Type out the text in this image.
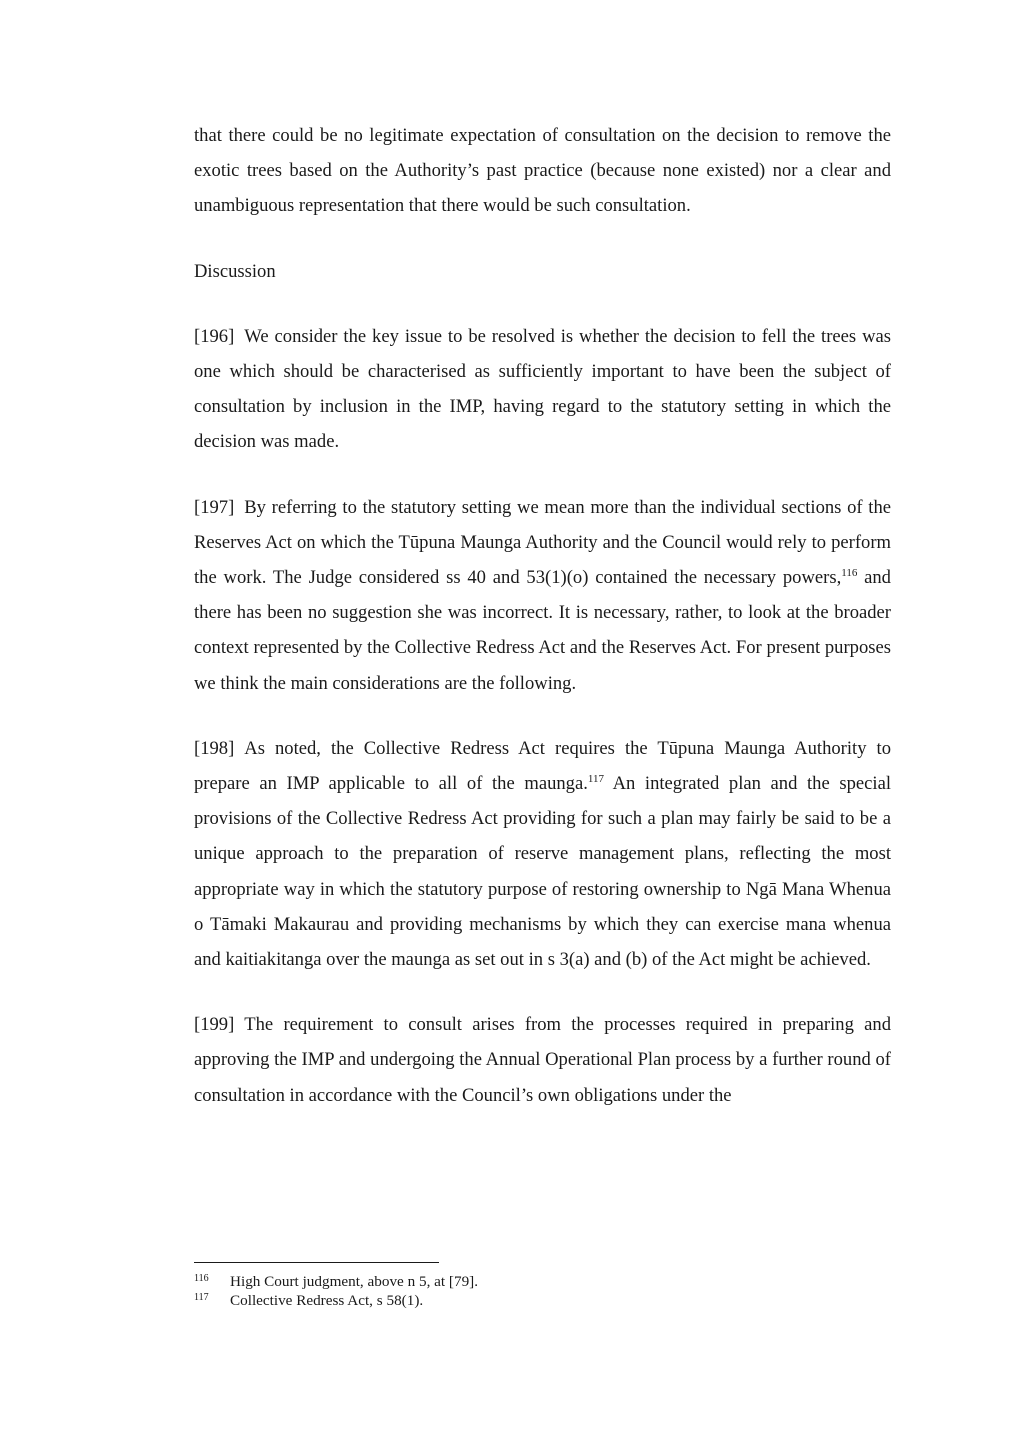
that there could be no legitimate expectation of consultation on the decision to remove the exotic trees based on the Authority’s past practice (because none existed) nor a clear and unambiguous representation that there would be such consultation.

Discussion

[196] We consider the key issue to be resolved is whether the decision to fell the trees was one which should be characterised as sufficiently important to have been the subject of consultation by inclusion in the IMP, having regard to the statutory setting in which the decision was made.

[197] By referring to the statutory setting we mean more than the individual sections of the Reserves Act on which the Tūpuna Maunga Authority and the Council would rely to perform the work. The Judge considered ss 40 and 53(1)(o) contained the necessary powers,$^{116}$ and there has been no suggestion she was incorrect. It is necessary, rather, to look at the broader context represented by the Collective Redress Act and the Reserves Act. For present purposes we think the main considerations are the following.

[198] As noted, the Collective Redress Act requires the Tūpuna Maunga Authority to prepare an IMP applicable to all of the maunga.$^{117}$ An integrated plan and the special provisions of the Collective Redress Act providing for such a plan may fairly be said to be a unique approach to the preparation of reserve management plans, reflecting the most appropriate way in which the statutory purpose of restoring ownership to Ngā Mana Whenua o Tāmaki Makaurau and providing mechanisms by which they can exercise mana whenua and kaitiakitanga over the maunga as set out in s 3(a) and (b) of the Act might be achieved.

[199] The requirement to consult arises from the processes required in preparing and approving the IMP and undergoing the Annual Operational Plan process by a further round of consultation in accordance with the Council’s own obligations under the

116	High Court judgment, above n 5, at [79].
117	Collective Redress Act, s 58(1).
